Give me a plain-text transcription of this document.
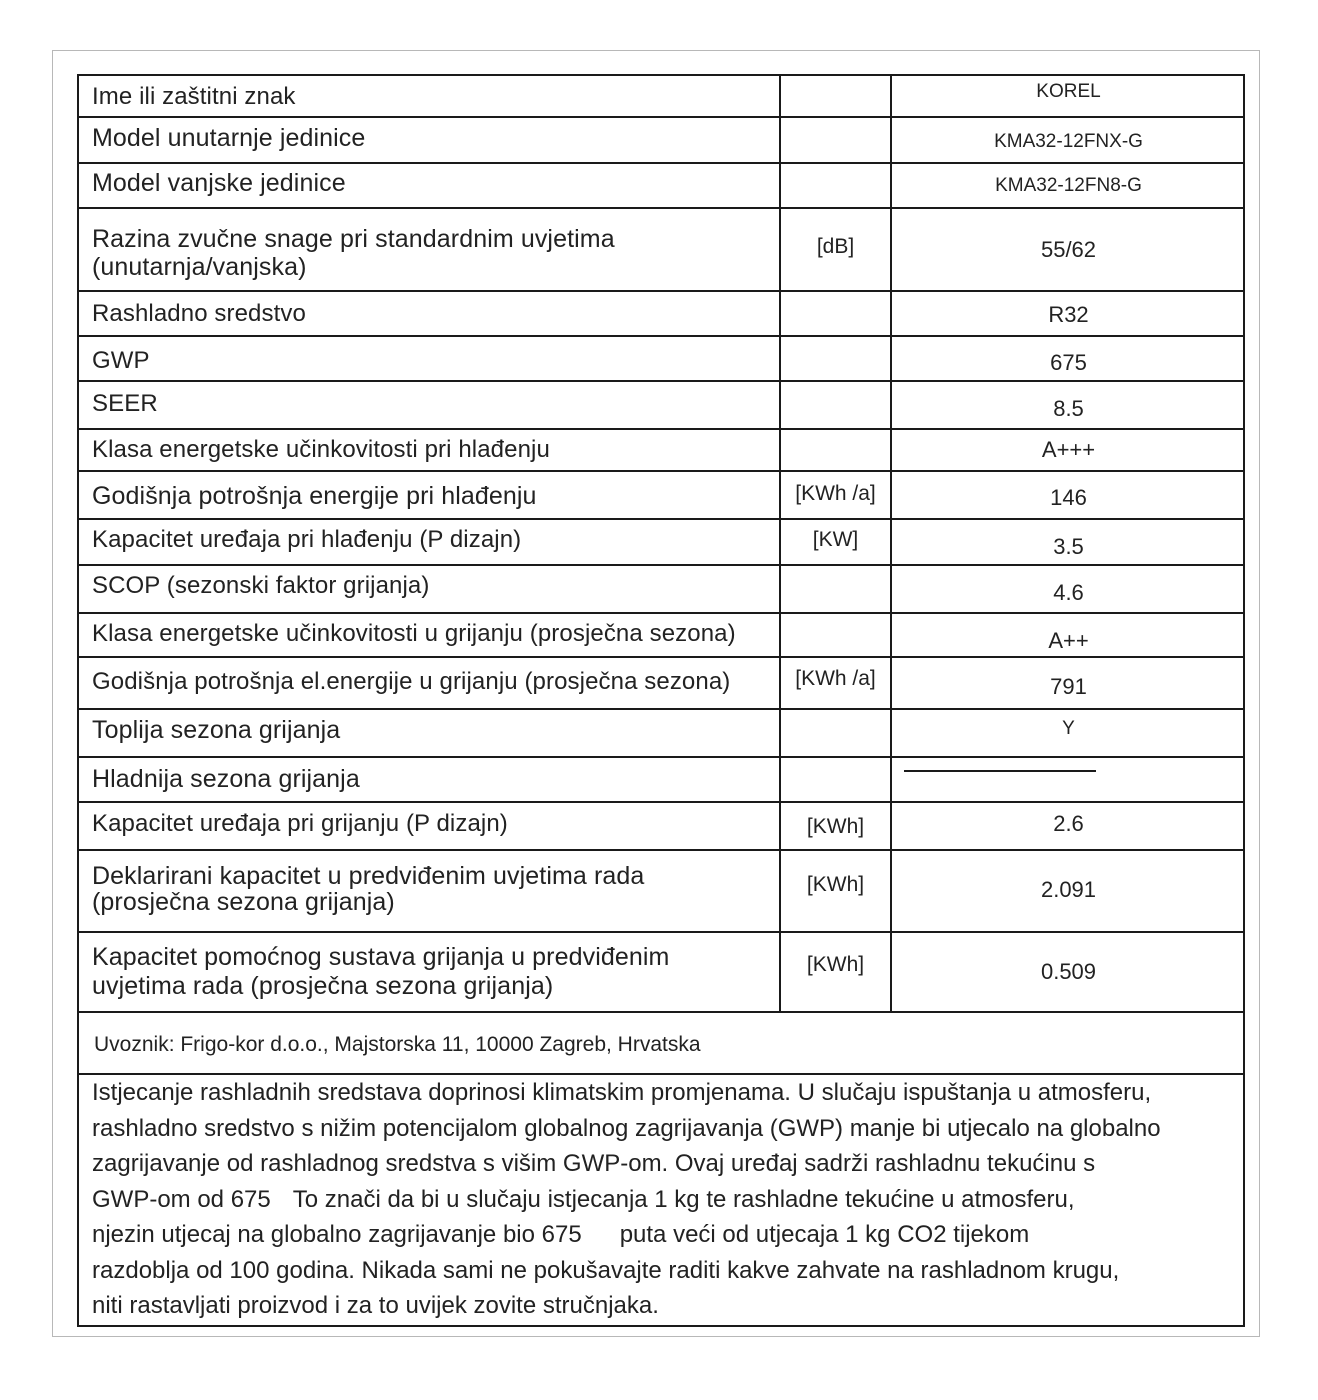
Ime ili zaštitni znak	KOREL
Model unutarnje jedinice	KMA32-12FNX-G
Model vanjske jedinice	KMA32-12FN8-G
Razina zvučne snage pri standardnim uvjetima
(unutarnja/vanjska)
[dB]	55/62
Rashladno sredstvo	R32
GWP	675
SEER	8.5
Klasa energetske učinkovitosti pri hlađenju	A+++
Godišnja potrošnja energije pri hlađenju	[KWh /a]	146
Kapacitet uređaja pri hlađenju (P dizajn)	[KW]	3.5
SCOP (sezonski faktor grijanja)	4.6
Klasa energetske učinkovitosti u grijanju (prosječna sezona)	A++
Godišnja potrošnja el.energije u grijanju (prosječna sezona)	[KWh /a]	791
Toplija sezona grijanja	Y
Hladnija sezona grijanja
Kapacitet uređaja pri grijanju (P dizajn)	[KWh]	2.6
Deklarirani kapacitet u predviđenim uvjetima rada
(prosječna sezona grijanja)
[KWh]	2.091
Kapacitet pomoćnog sustava grijanja u predviđenim
uvjetima rada (prosječna sezona grijanja)
[KWh]	0.509
Uvoznik: Frigo-kor d.o.o., Majstorska 11, 10000 Zagreb, Hrvatska

Istjecanje rashladnih sredstava doprinosi klimatskim promjenama. U slučaju ispuštanja u atmosferu,

rashladno sredstvo s nižim potencijalom globalnog zagrijavanja (GWP) manje bi utjecalo na globalno

zagrijavanje od rashladnog sredstva s višim GWP-om. Ovaj uređaj sadrži rashladnu tekućinu s

GWP-om od 675 To znači da bi u slučaju istjecanja 1 kg te rashladne tekućine u atmosferu,

njezin utjecaj na globalno zagrijavanje bio 675 puta veći od utjecaja 1 kg CO2 tijekom

razdoblja od 100 godina. Nikada sami ne pokušavajte raditi kakve zahvate na rashladnom krugu,

niti rastavljati proizvod i za to uvijek zovite stručnjaka.
